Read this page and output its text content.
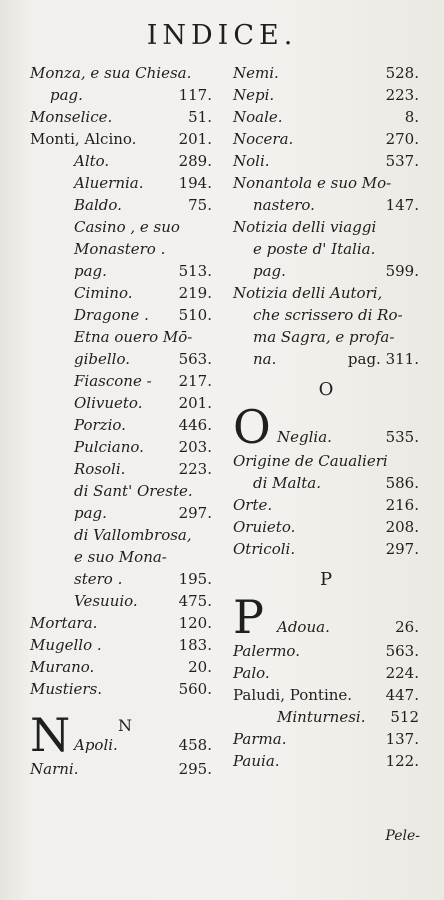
INDICE.
Monza, e sua Chiesa.
pag.	117.
Monselice.	51.
Monti, Alcino.	201.
Alto.	289.
Aluernia. 194.
Baldo.	75.
Casino , e suo
Monastero .
pag.	513.
Cimino.	219.
Dragone . 510.
Etna ouero Mō-
gibello.	563.
Fiascone - 217.
Olivueto. 201.
Porzio.	446.
Pulciano. 203.
Rosoli.	223.
di Sant' Oreste.
pag.	297.
di Vallombrosa,
e suo Mona-
stero .	195.
Vesuuio.	475.
Mortara.	120.
Mugello .	183.
Murano.	20.
Mustiers.	560.
N
N Apoli.	458.
Narni.	295.
Nemi.	528.
Nepi.	223.
Noale.	8.
Nocera.	270.
Noli.	537.
Nonantola e suo Mo-
nastero.	147.
Notizia delli viaggi
e poste d' Italia.
pag.	599.
Notizia delli Autori,
che scrissero di Ro-
ma Sagra, e profa-
na.	pag. 311.
O
O Neglia.	535.
Origine de Caualieri
di Malta.	586.
Orte.	216.
Oruieto.	208.
Otricoli.	297.
P
P Adoua.	26.
Palermo.	563.
Palo.	224.
Paludi, Pontine. 447.
Minturnesi. 512
Parma.	137.
Pauia.	122.
Pele-
